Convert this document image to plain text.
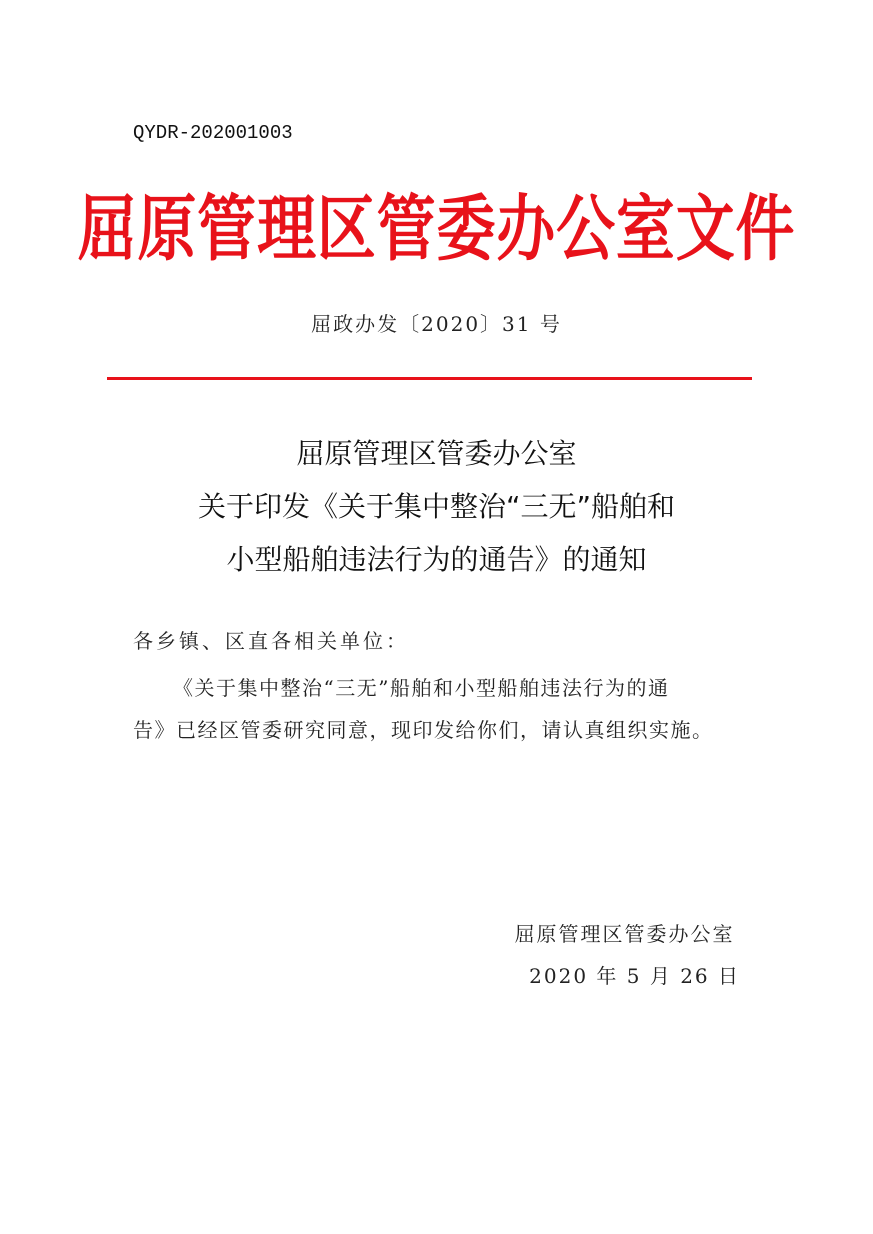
QYDR-202001003
屈原管理区管委办公室文件
屈政办发〔2020〕31 号
屈原管理区管委办公室
关于印发《关于集中整治“三无”船舶和
小型船舶违法行为的通告》的通知
各乡镇、区直各相关单位：
《关于集中整治“三无”船舶和小型船舶违法行为的通
告》已经区管委研究同意，现印发给你们，请认真组织实施。
屈原管理区管委办公室
2020 年 5 月 26 日
